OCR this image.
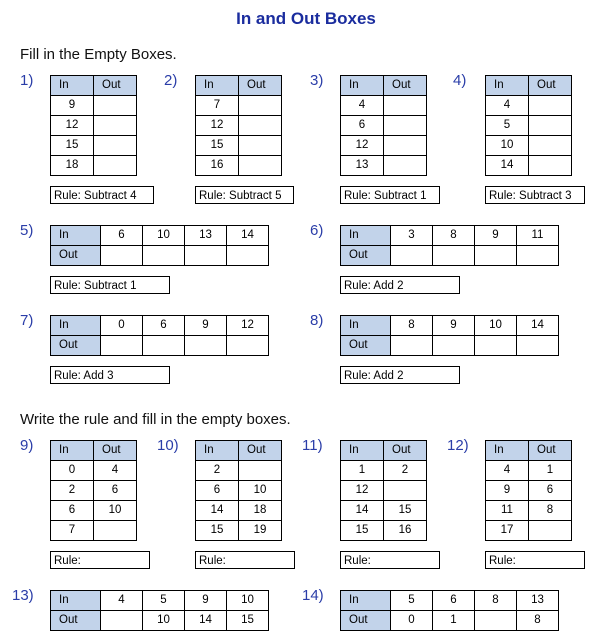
In and Out Boxes
Fill in the Empty Boxes.
Write the rule and fill in the empty boxes.
1) In	Out
9	
12	
15	
18	
Rule: Subtract 4
2) In	Out
7	
12	
15	
16	
Rule: Subtract 5
3) In	Out
4	
6	
12	
13	
Rule: Subtract 1
4) In	Out
4	
5	
10	
14	
Rule: Subtract 3
5) In	6	10	13	14
Out				
Rule: Subtract 1
6) In	3	8	9	11
Out				
Rule: Add 2
7) In	0	6	9	12
Out				
Rule: Add 3
8) In	8	9	10	14
Out				
Rule: Add 2
9) In	Out
0	4
2	6
6	10
7	
Rule:
10) In	Out
2	
6	10
14	18
15	19
Rule:
11) In	Out
1	2
12	
14	15
15	16
Rule:
12) In	Out
4	1
9	6
11	8
17	
Rule:
13) In	4	5	9	10
Out		10	14	15
14) In	5	6	8	13
Out	0	1		8
